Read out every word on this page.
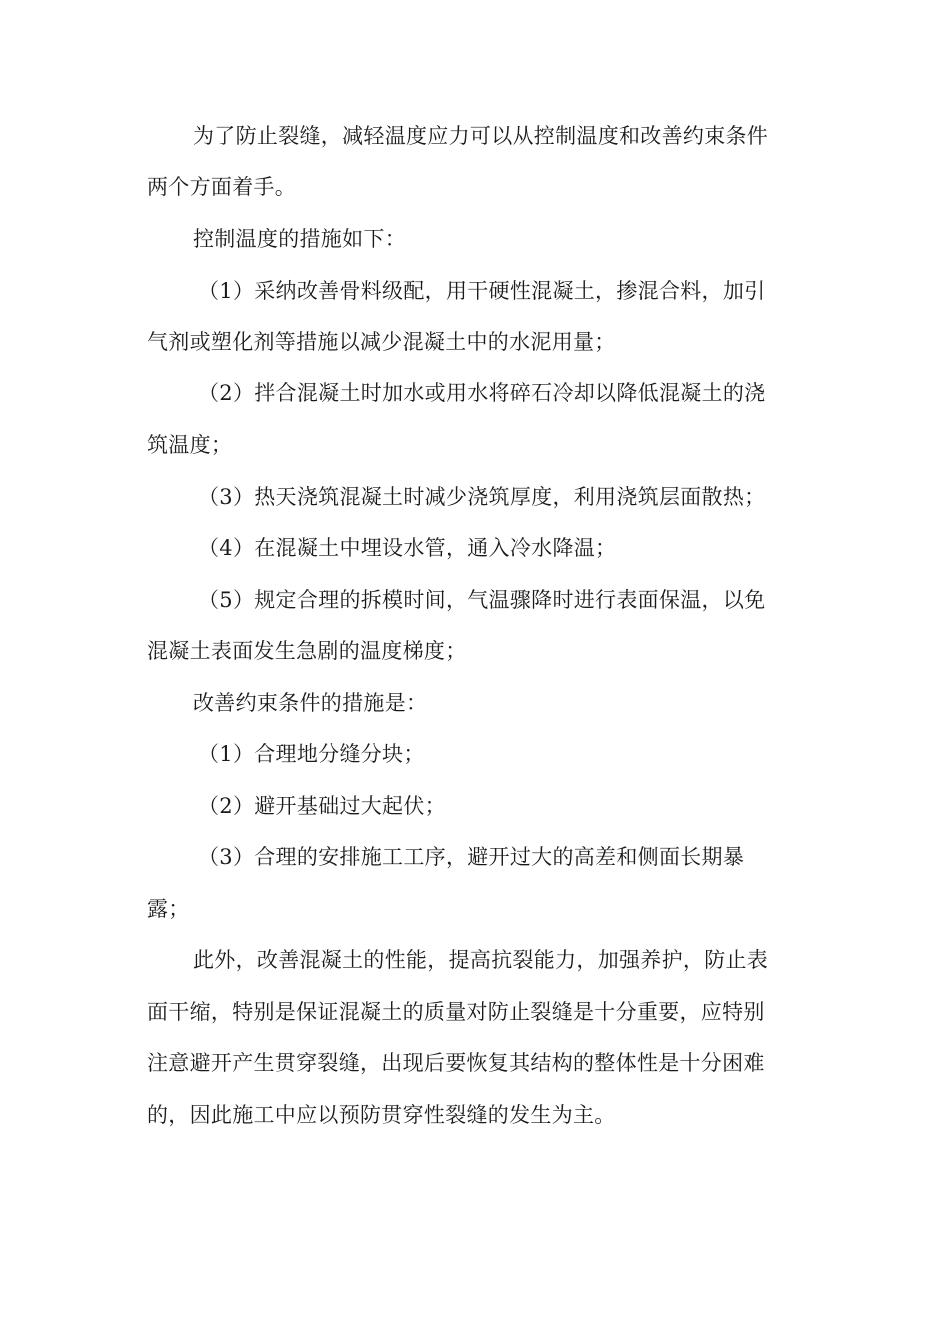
为了防止裂缝，减轻温度应力可以从控制温度和改善约束条件
两个方面着手。
控制温度的措施如下：
（1）采纳改善骨料级配，用干硬性混凝土，掺混合料，加引
气剂或塑化剂等措施以减少混凝土中的水泥用量；
（2）拌合混凝土时加水或用水将碎石冷却以降低混凝土的浇
筑温度；
（3）热天浇筑混凝土时减少浇筑厚度，利用浇筑层面散热；
（4）在混凝土中埋设水管，通入冷水降温；
（5）规定合理的拆模时间，气温骤降时进行表面保温，以免
混凝土表面发生急剧的温度梯度；
改善约束条件的措施是：
（1）合理地分缝分块；
（2）避开基础过大起伏；
（3）合理的安排施工工序，避开过大的高差和侧面长期暴
露；
此外，改善混凝土的性能，提高抗裂能力，加强养护，防止表
面干缩，特别是保证混凝土的质量对防止裂缝是十分重要，应特别
注意避开产生贯穿裂缝，出现后要恢复其结构的整体性是十分困难
的，因此施工中应以预防贯穿性裂缝的发生为主。
